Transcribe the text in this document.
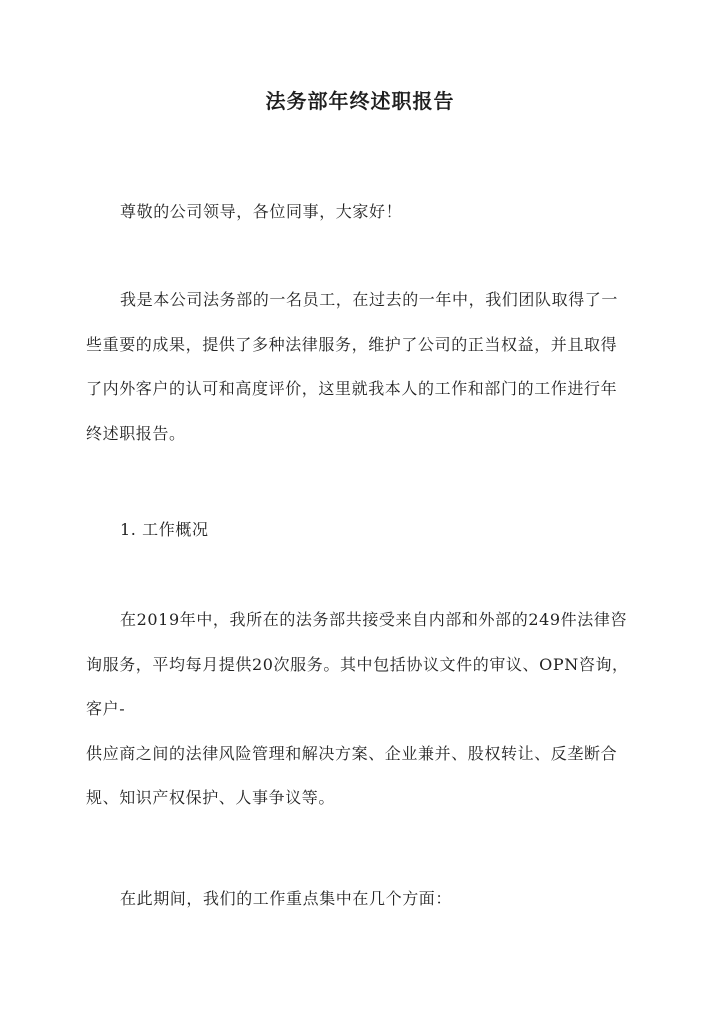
法务部年终述职报告

尊敬的公司领导，各位同事，大家好！

我是本公司法务部的一名员工，在过去的一年中，我们团队取得了一
些重要的成果，提供了多种法律服务，维护了公司的正当权益，并且取得
了内外客户的认可和高度评价，这里就我本人的工作和部门的工作进行年
终述职报告。

1. 工作概况

在2019年中，我所在的法务部共接受来自内部和外部的249件法律咨
询服务，平均每月提供20次服务。其中包括协议文件的审议、OPN咨询，
客户-
供应商之间的法律风险管理和解决方案、企业兼并、股权转让、反垄断合
规、知识产权保护、人事争议等。

在此期间，我们的工作重点集中在几个方面：
